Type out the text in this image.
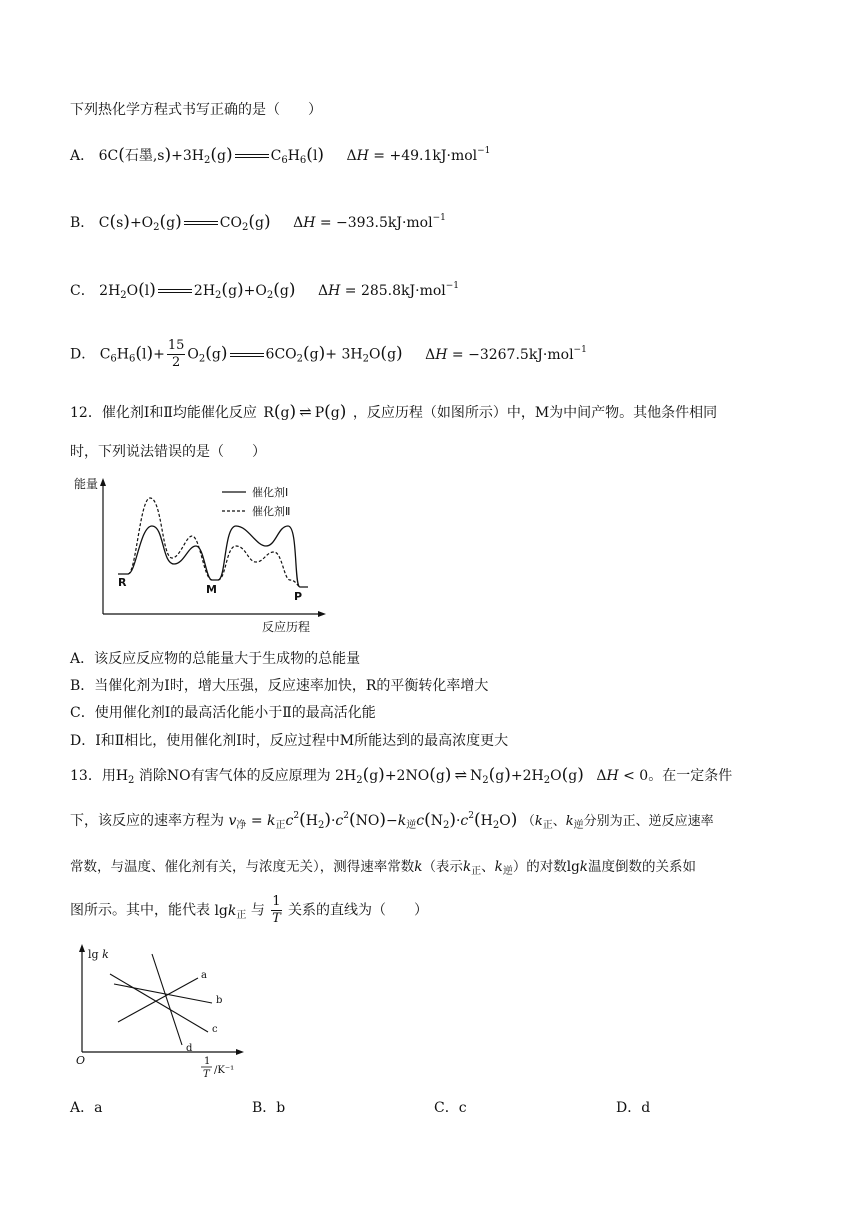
下列热化学方程式书写正确的是（　　）
A． 6C(石墨$,s)+3H_2(g)$	$C_6H_6(l) \Delta H = +49.1kJ\cdot mol^{-1}$
B． $C(s)+O_2(g)$	$CO_2(g) \Delta H = -393.5kJ\cdot mol^{-1}$
C． $2H_2O(l)$	$2H_2(g)+O_2(g) \Delta H = 285.8kJ\cdot mol^{-1}$
D． $C_6H_6(l)+ \frac{15}{2} O_2(g)$	$6CO_2(g)+ 3H_2O(g) \Delta H = -3267.5kJ\cdot mol^{-1}$
12．催化剂Ⅰ和Ⅱ均能催化反应 R(g) ⇌ P(g) ，反应历程（如图所示）中，M为中间产物。其他条件相同
时，下列说法错误的是（　　）
能量
反应历程
催化剂Ⅰ
催化剂Ⅱ
R
M
P
A．该反应反应物的总能量大于生成物的总能量
B．当催化剂为Ⅰ时，增大压强，反应速率加快，R的平衡转化率增大
C．使用催化剂Ⅰ的最高活化能小于Ⅱ的最高活化能
D．Ⅰ和Ⅱ相比，使用催化剂Ⅰ时，反应过程中M所能达到的最高浓度更大
13．用$H_2$ 消除NO有害气体的反应原理为 $2H_2(g)+2NO(g)$ ⇌ $N_2(g)+2H_2O(g) \Delta H < 0$。在一定条件
下，该反应的速率方程为 $v_净 = k_正c^2(H_2)\cdot c^2(NO)-k_逆c(N_2)\cdot c^2(H_2O)$ （$k_正$、$k_逆$分别为正、逆反应速率
常数，与温度、催化剂有关，与浓度无关），测得速率常数k（表示$k_正$、$k_逆$）的对数lgk温度倒数的关系如
图所示。其中，能代表 lgk$_正$ 与 $\frac{1}{T}$ 关系的直线为（　　）
lg k
O	1
T /K⁻¹
a
b
c
d
A．a	B．b	C．c	D．d
